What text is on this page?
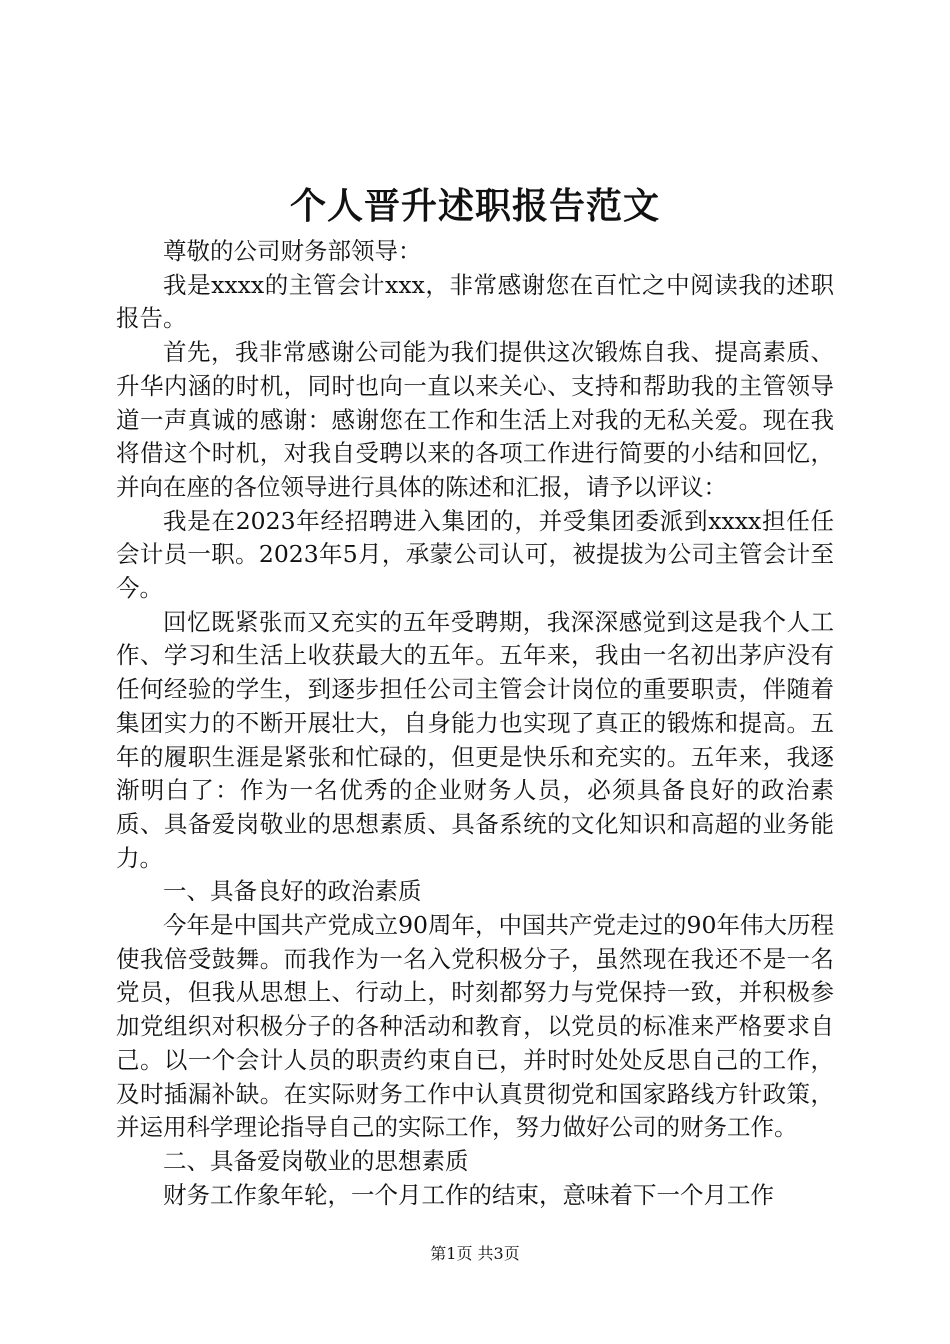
个人晋升述职报告范文

尊敬的公司财务部领导：

我是xxxx的主管会计xxx，非常感谢您在百忙之中阅读我的述职报告。

首先，我非常感谢公司能为我们提供这次锻炼自我、提高素质、升华内涵的时机，同时也向一直以来关心、支持和帮助我的主管领导道一声真诚的感谢：感谢您在工作和生活上对我的无私关爱。现在我将借这个时机，对我自受聘以来的各项工作进行简要的小结和回忆，并向在座的各位领导进行具体的陈述和汇报，请予以评议：

我是在2023年经招聘进入集团的，并受集团委派到xxxx担任任会计员一职。2023年5月，承蒙公司认可，被提拔为公司主管会计至今。

回忆既紧张而又充实的五年受聘期，我深深感觉到这是我个人工作、学习和生活上收获最大的五年。五年来，我由一名初出茅庐没有任何经验的学生，到逐步担任公司主管会计岗位的重要职责，伴随着集团实力的不断开展壮大，自身能力也实现了真正的锻炼和提高。五年的履职生涯是紧张和忙碌的，但更是快乐和充实的。五年来，我逐渐明白了：作为一名优秀的企业财务人员，必须具备良好的政治素质、具备爱岗敬业的思想素质、具备系统的文化知识和高超的业务能力。

一、具备良好的政治素质

今年是中国共产党成立90周年，中国共产党走过的90年伟大历程使我倍受鼓舞。而我作为一名入党积极分子，虽然现在我还不是一名党员，但我从思想上、行动上，时刻都努力与党保持一致，并积极参加党组织对积极分子的各种活动和教育，以党员的标准来严格要求自己。以一个会计人员的职责约束自已，并时时处处反思自己的工作，及时插漏补缺。在实际财务工作中认真贯彻党和国家路线方针政策，并运用科学理论指导自己的实际工作，努力做好公司的财务工作。

二、具备爱岗敬业的思想素质

财务工作象年轮，一个月工作的结束，意味着下一个月工作

第1页 共3页
